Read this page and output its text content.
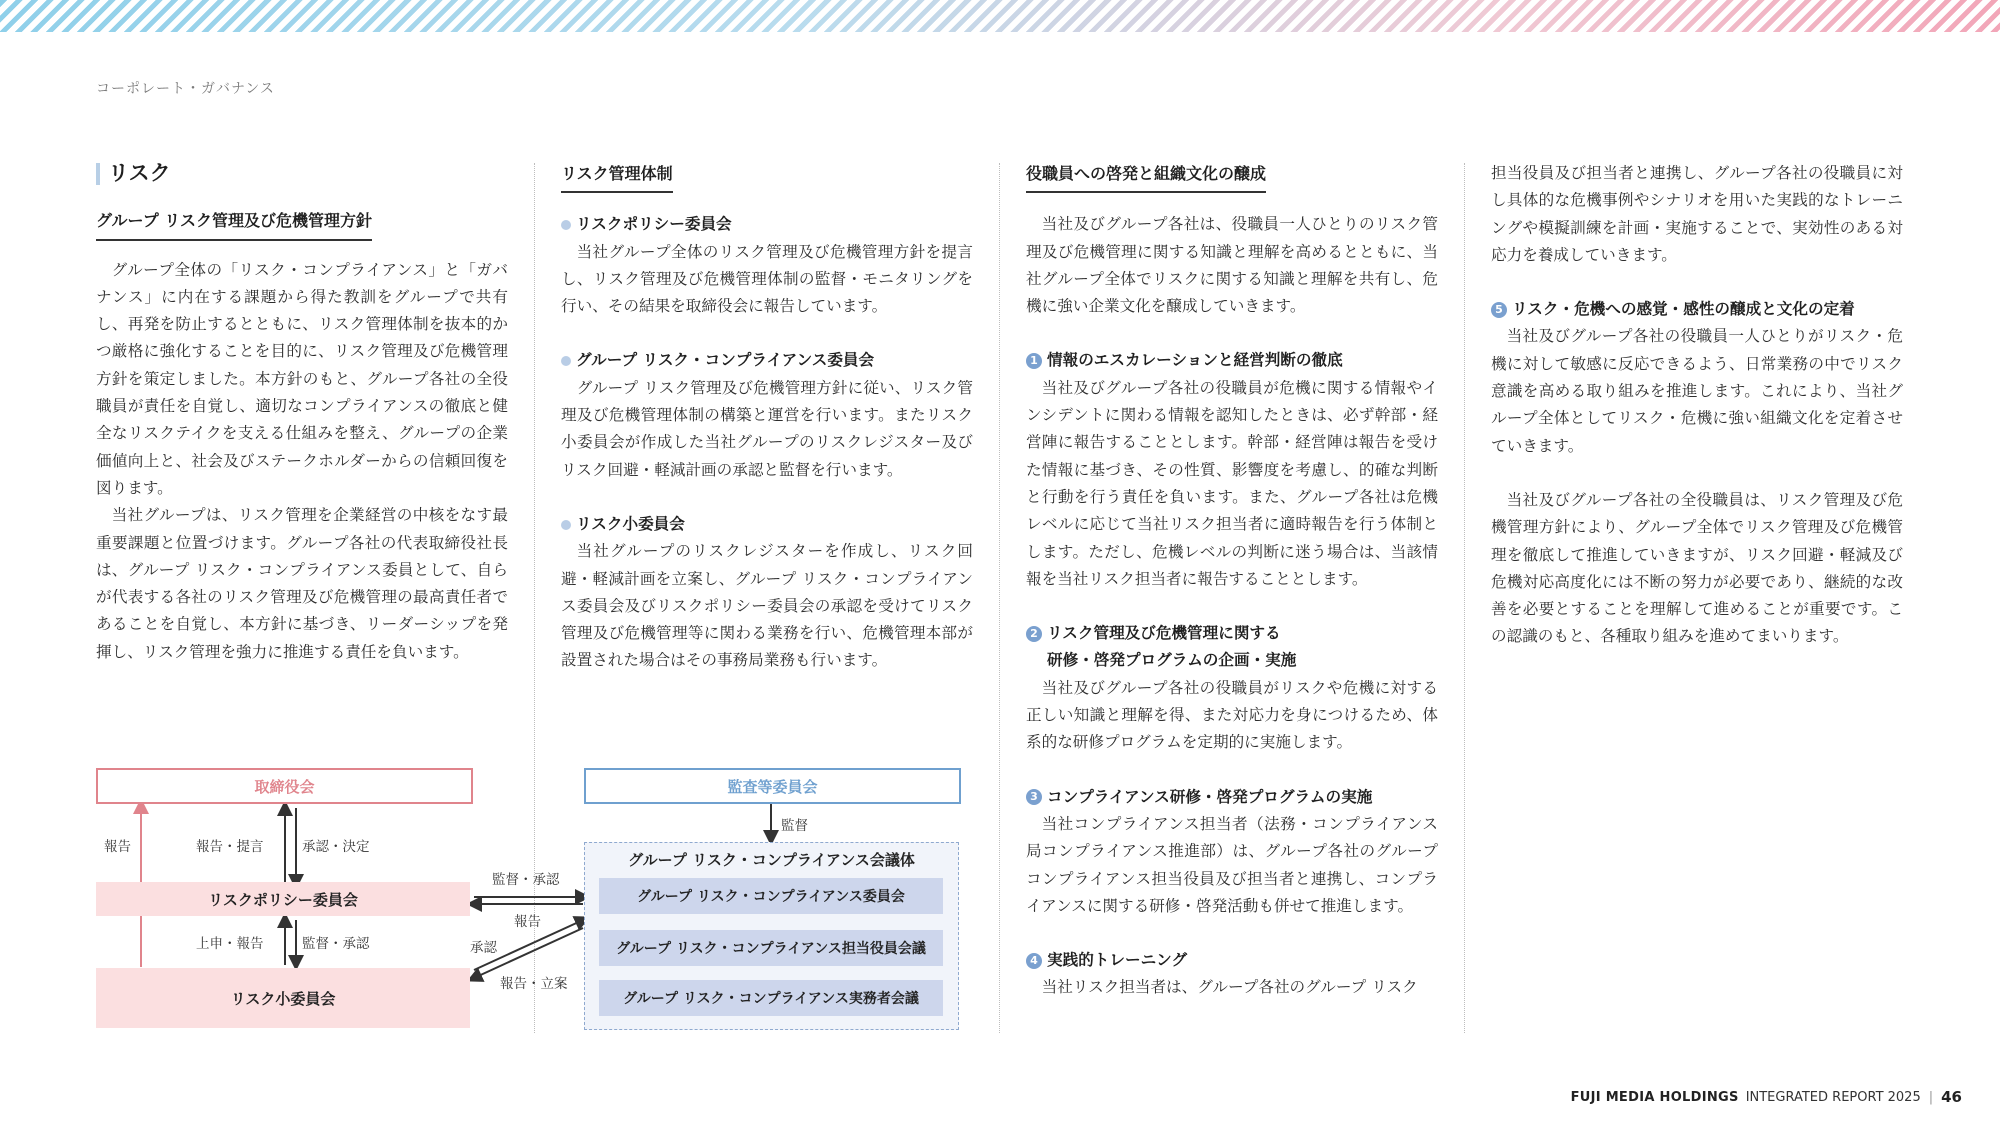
コーポレート・ガバナンス
リスク
グループ リスク管理及び危機管理方針

グループ全体の「リスク・コンプライアンス」と「ガバナンス」に内在する課題から得た教訓をグループで共有し、再発を防止するとともに、リスク管理体制を抜本的かつ厳格に強化することを目的に、リスク管理及び危機管理方針を策定しました。本方針のもと、グループ各社の全役職員が責任を自覚し、適切なコンプライアンスの徹底と健全なリスクテイクを支える仕組みを整え、グループの企業価値向上と、社会及びステークホルダーからの信頼回復を図ります。

当社グループは、リスク管理を企業経営の中核をなす最重要課題と位置づけます。グループ各社の代表取締役社長は、グループ リスク・コンプライアンス委員として、自らが代表する各社のリスク管理及び危機管理の最高責任者であることを自覚し、本方針に基づき、リーダーシップを発揮し、リスク管理を強力に推進する責任を負います。

リスク管理体制
リスクポリシー委員会

当社グループ全体のリスク管理及び危機管理方針を提言し、リスク管理及び危機管理体制の監督・モニタリングを行い、その結果を取締役会に報告しています。

グループ リスク・コンプライアンス委員会

グループ リスク管理及び危機管理方針に従い、リスク管理及び危機管理体制の構築と運営を行います。またリスク小委員会が作成した当社グループのリスクレジスター及びリスク回避・軽減計画の承認と監督を行います。

リスク小委員会

当社グループのリスクレジスターを作成し、リスク回避・軽減計画を立案し、グループ リスク・コンプライアンス委員会及びリスクポリシー委員会の承認を受けてリスク管理及び危機管理等に関わる業務を行い、危機管理本部が設置された場合はその事務局業務も行います。

役職員への啓発と組織文化の醸成

当社及びグループ各社は、役職員一人ひとりのリスク管理及び危機管理に関する知識と理解を高めるとともに、当社グループ全体でリスクに関する知識と理解を共有し、危機に強い企業文化を醸成していきます。

1 情報のエスカレーションと経営判断の徹底

当社及びグループ各社の役職員が危機に関する情報やインシデントに関わる情報を認知したときは、必ず幹部・経営陣に報告することとします。幹部・経営陣は報告を受けた情報に基づき、その性質、影響度を考慮し、的確な判断と行動を行う責任を負います。また、グループ各社は危機レベルに応じて当社リスク担当者に適時報告を行う体制とします。ただし、危機レベルの判断に迷う場合は、当該情報を当社リスク担当者に報告することとします。

2 リスク管理及び危機管理に関する
研修・啓発プログラムの企画・実施

当社及びグループ各社の役職員がリスクや危機に対する正しい知識と理解を得、また対応力を身につけるため、体系的な研修プログラムを定期的に実施します。

3 コンプライアンス研修・啓発プログラムの実施

当社コンプライアンス担当者（法務・コンプライアンス局コンプライアンス推進部）は、グループ各社のグループコンプライアンス担当役員及び担当者と連携し、コンプライアンスに関する研修・啓発活動も併せて推進します。

4 実践的トレーニング

当社リスク担当者は、グループ各社のグループ リスク

担当役員及び担当者と連携し、グループ各社の役職員に対し具体的な危機事例やシナリオを用いた実践的なトレーニングや模擬訓練を計画・実施することで、実効性のある対応力を養成していきます。

5 リスク・危機への感覚・感性の醸成と文化の定着

当社及びグループ各社の役職員一人ひとりがリスク・危機に対して敏感に反応できるよう、日常業務の中でリスク意識を高める取り組みを推進します。これにより、当社グループ全体としてリスク・危機に強い組織文化を定着させていきます。

当社及びグループ各社の全役職員は、リスク管理及び危機管理方針により、グループ全体でリスク管理及び危機管理を徹底して推進していきますが、リスク回避・軽減及び危機対応高度化には不断の努力が必要であり、継続的な改善を必要とすることを理解して進めることが重要です。この認識のもと、各種取り組みを進めてまいります。

取締役会	監査等委員会
リスクポリシー委員会
リスク小委員会
グループ リスク・コンプライアンス会議体
グループ リスク・コンプライアンス委員会
グループ リスク・コンプライアンス担当役員会議
グループ リスク・コンプライアンス実務者会議
報告	報告・提言	承認・決定
上申・報告	監督・承認
監督
監督・承認
報告
承認
報告・立案
FUJI MEDIA HOLDINGS INTEGRATED REPORT 2025 | 46
